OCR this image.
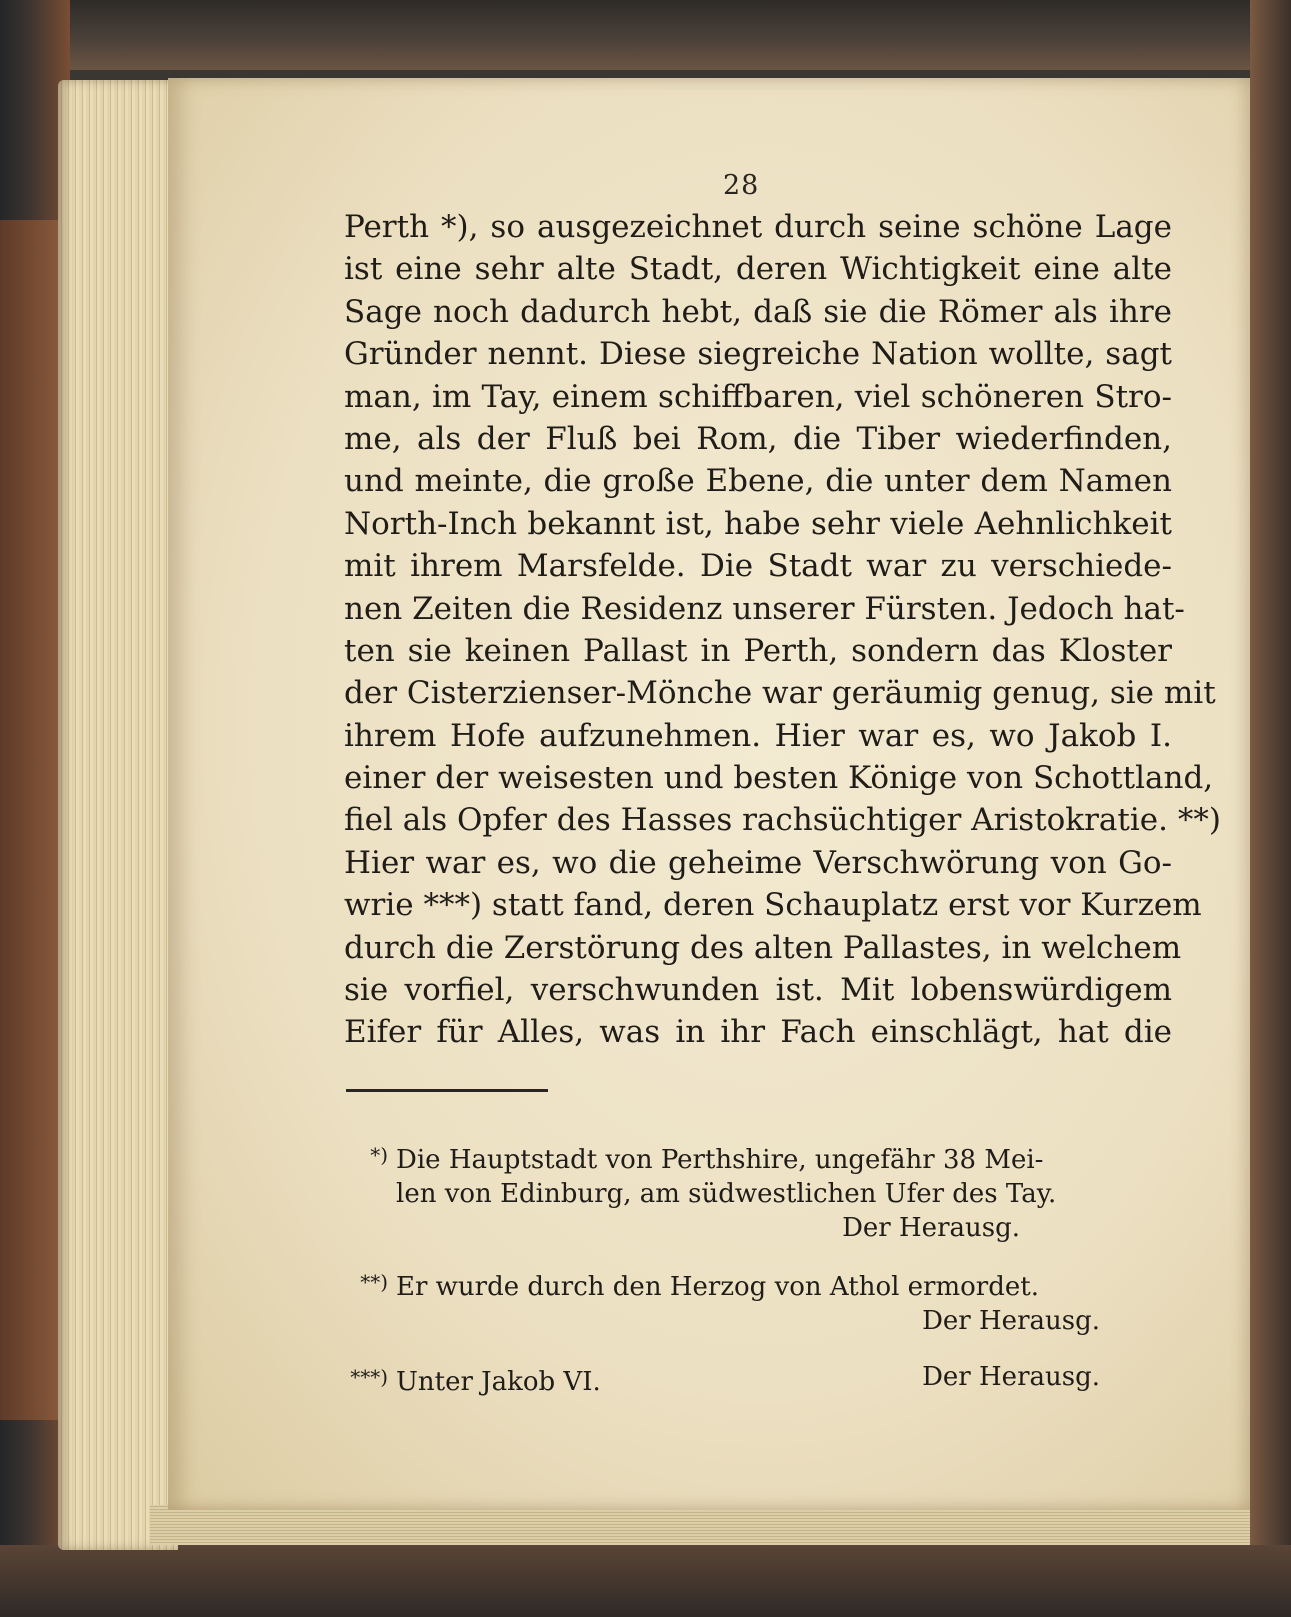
28
Perth *), so ausgezeichnet durch seine schöne Lage
ist eine sehr alte Stadt, deren Wichtigkeit eine alte
Sage noch dadurch hebt, daß sie die Römer als ihre
Gründer nennt. Diese siegreiche Nation wollte, sagt
man, im Tay, einem schiffbaren, viel schöneren Stro-
me, als der Fluß bei Rom, die Tiber wiederfinden,
und meinte, die große Ebene, die unter dem Namen
North-Inch bekannt ist, habe sehr viele Aehnlichkeit
mit ihrem Marsfelde. Die Stadt war zu verschiede-
nen Zeiten die Residenz unserer Fürsten. Jedoch hat-
ten sie keinen Pallast in Perth, sondern das Kloster
der Cisterzienser-Mönche war geräumig genug, sie mit
ihrem Hofe aufzunehmen. Hier war es, wo Jakob I.
einer der weisesten und besten Könige von Schottland,
fiel als Opfer des Hasses rachsüchtiger Aristokratie. **)
Hier war es, wo die geheime Verschwörung von Go-
wrie ***) statt fand, deren Schauplatz erst vor Kurzem
durch die Zerstörung des alten Pallastes, in welchem
sie vorfiel, verschwunden ist. Mit lobenswürdigem
Eifer für Alles, was in ihr Fach einschlägt, hat die
*) Die Hauptstadt von Perthshire, ungefähr 38 Mei-
len von Edinburg, am südwestlichen Ufer des Tay.
Der Herausg.
**) Er wurde durch den Herzog von Athol ermordet.
Der Herausg.
***) Unter Jakob VI.	Der Herausg.
